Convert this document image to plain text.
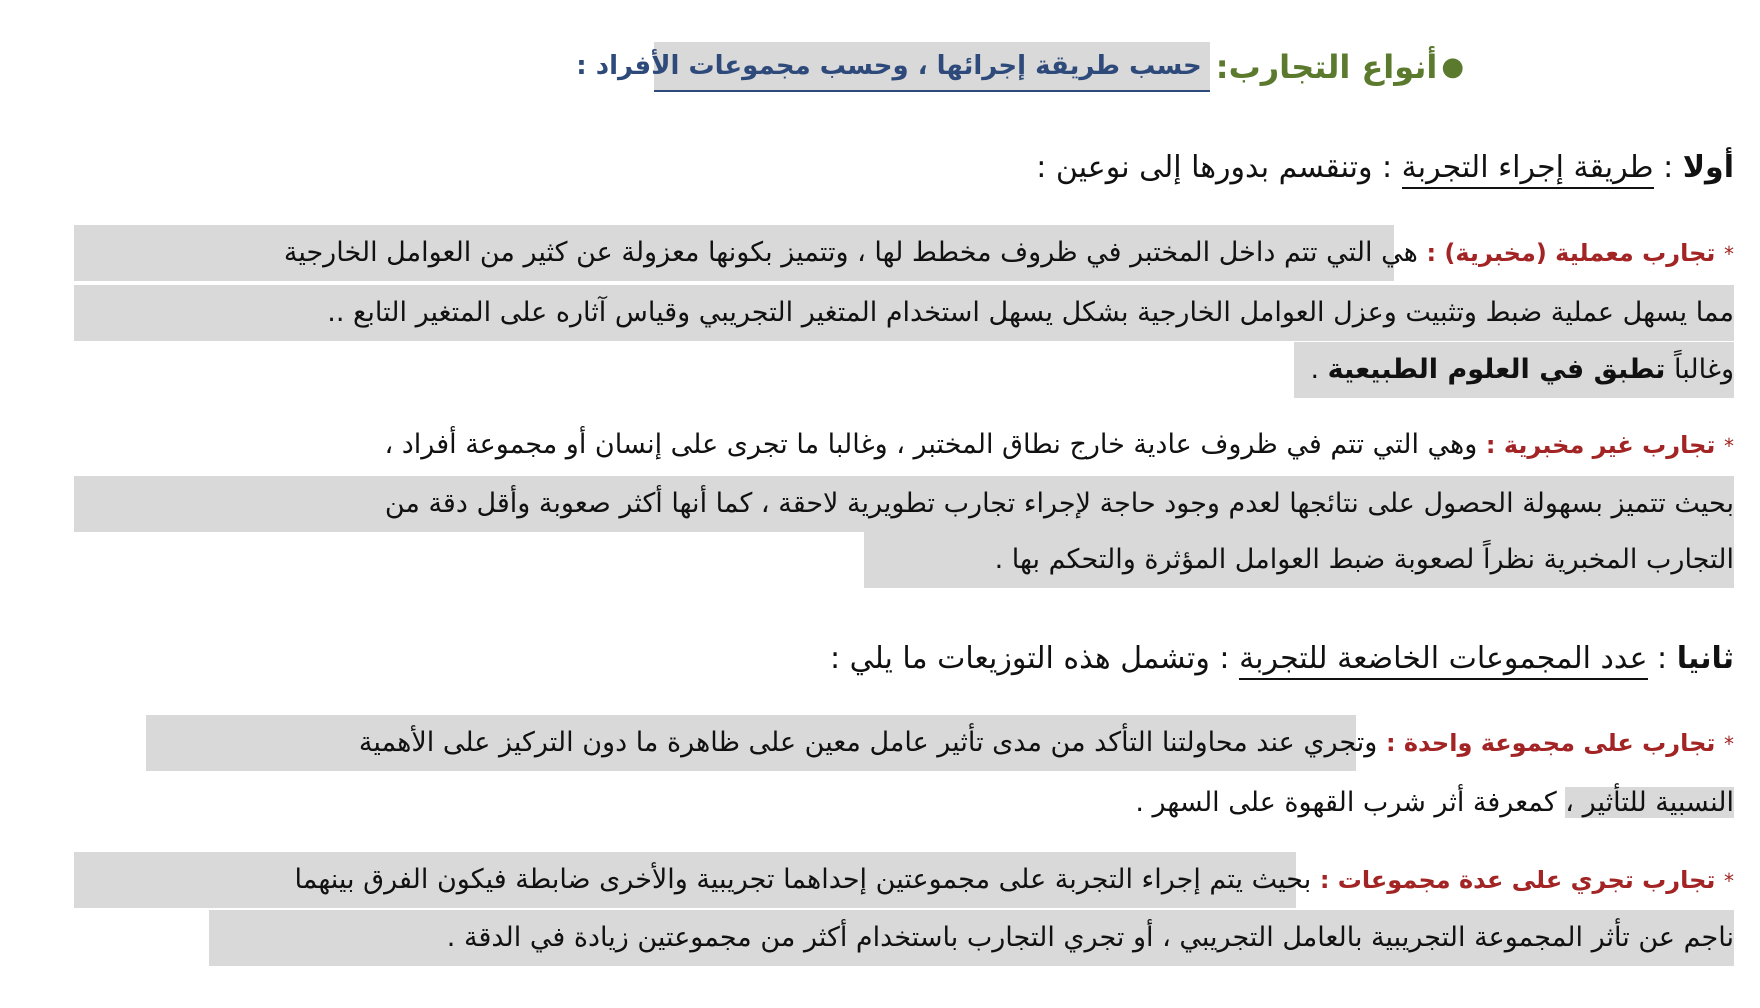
●
أنواع التجارب:
حسب طريقة إجرائها ، وحسب مجموعات الأفراد :
أولا : طريقة إجراء التجربة : وتنقسم بدورها إلى نوعين :
* تجارب معملية (مخبرية) : هي التي تتم داخل المختبر في ظروف مخطط لها ، وتتميز بكونها معزولة عن كثير من العوامل الخارجية
مما يسهل عملية ضبط وتثبيت وعزل العوامل الخارجية بشكل يسهل استخدام المتغير التجريبي وقياس آثاره على المتغير التابع ..
وغالباً تطبق في العلوم الطبيعية .
* تجارب غير مخبرية : وهي التي تتم في ظروف عادية خارج نطاق المختبر ، وغالبا ما تجرى على إنسان أو مجموعة أفراد ،
بحيث تتميز بسهولة الحصول على نتائجها لعدم وجود حاجة لإجراء تجارب تطويرية لاحقة ، كما أنها أكثر صعوبة وأقل دقة من
التجارب المخبرية نظراً لصعوبة ضبط العوامل المؤثرة والتحكم بها .
ثانيا : عدد المجموعات الخاضعة للتجربة : وتشمل هذه التوزيعات ما يلي :
* تجارب على مجموعة واحدة : وتجري عند محاولتنا التأكد من مدى تأثير عامل معين على ظاهرة ما دون التركيز على الأهمية
النسبية للتأثير ، كمعرفة أثر شرب القهوة على السهر .
* تجارب تجري على عدة مجموعات : بحيث يتم إجراء التجربة على مجموعتين إحداهما تجريبية والأخرى ضابطة فيكون الفرق بينهما
ناجم عن تأثر المجموعة التجريبية بالعامل التجريبي ، أو تجري التجارب باستخدام أكثر من مجموعتين زيادة في الدقة .
